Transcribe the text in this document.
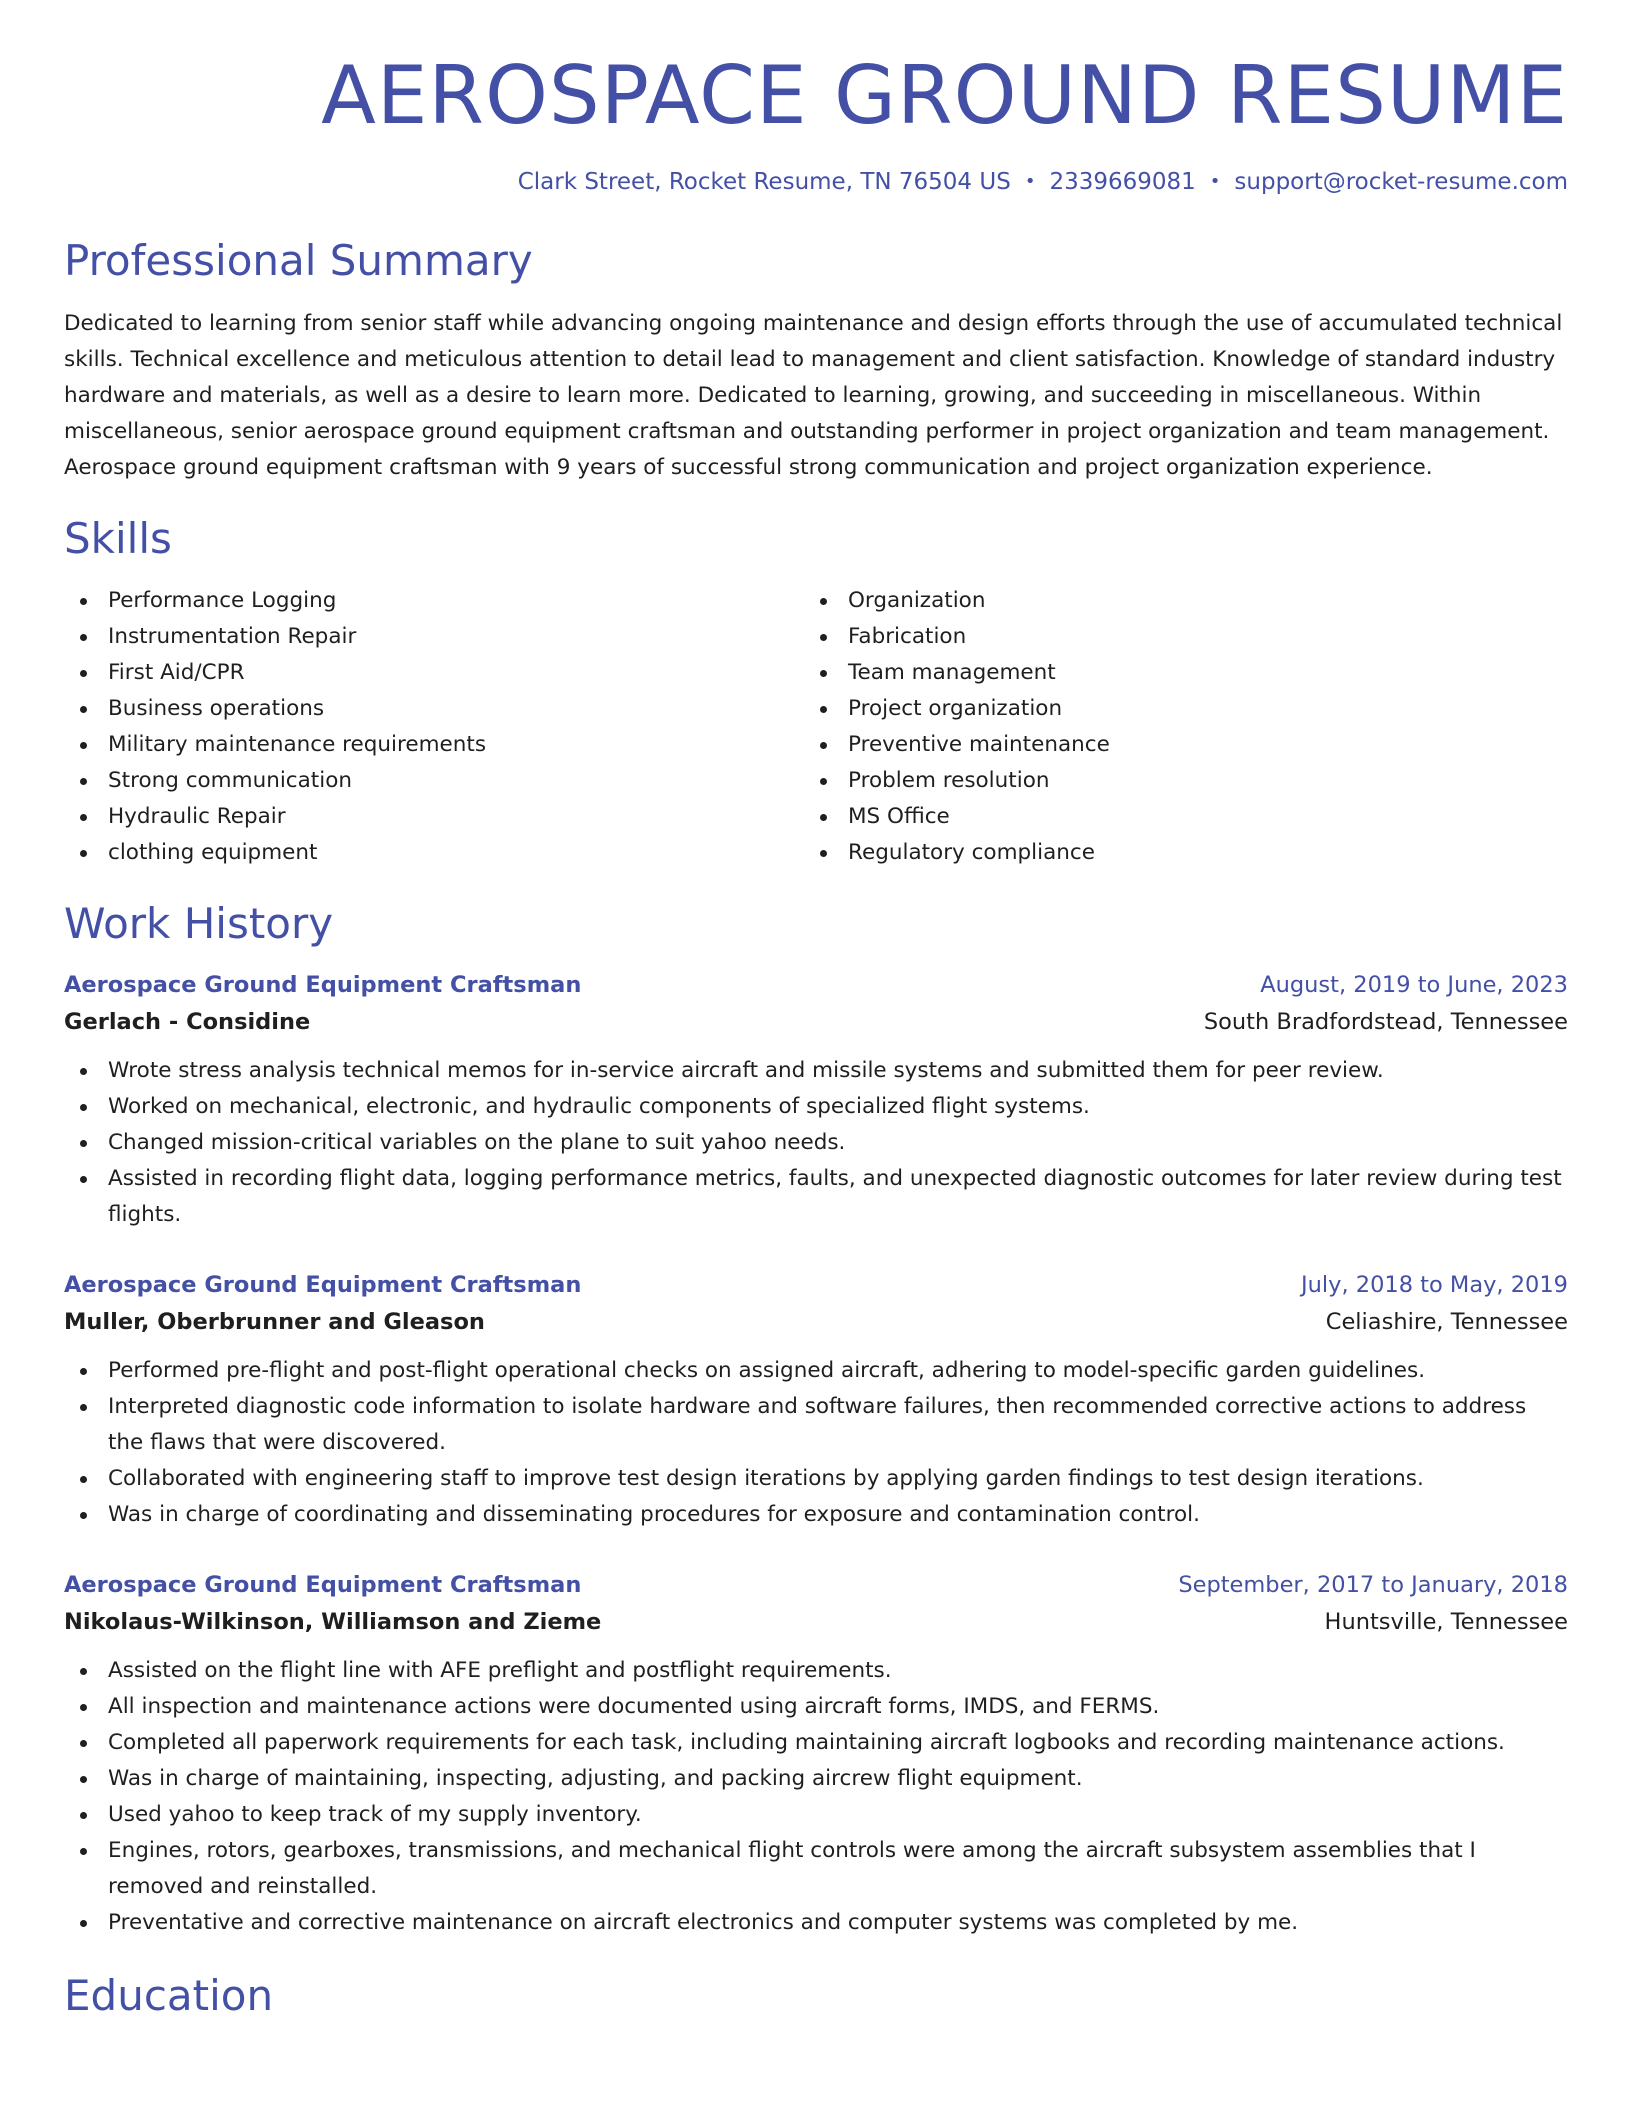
AEROSPACE GROUND RESUME
Clark Street, Rocket Resume, TN 76504 US • 2339669081 • support@rocket-resume.com
Professional Summary

Dedicated to learning from senior staff while advancing ongoing maintenance and design efforts through the use of accumulated technical skills. Technical excellence and meticulous attention to detail lead to management and client satisfaction. Knowledge of standard industry hardware and materials, as well as a desire to learn more. Dedicated to learning, growing, and succeeding in miscellaneous. Within miscellaneous, senior aerospace ground equipment craftsman and outstanding performer in project organization and team management. Aerospace ground equipment craftsman with 9 years of successful strong communication and project organization experience.

Skills
Performance Logging
Instrumentation Repair
First Aid/CPR
Business operations
Military maintenance requirements
Strong communication
Hydraulic Repair
clothing equipment
Organization
Fabrication
Team management
Project organization
Preventive maintenance
Problem resolution
MS Office
Regulatory compliance
Work History
Aerospace Ground Equipment Craftsman	August, 2019 to June, 2023
Gerlach - Considine	South Bradfordstead, Tennessee
Wrote stress analysis technical memos for in-service aircraft and missile systems and submitted them for peer review.
Worked on mechanical, electronic, and hydraulic components of specialized flight systems.
Changed mission-critical variables on the plane to suit yahoo needs.
Assisted in recording flight data, logging performance metrics, faults, and unexpected diagnostic outcomes for later review during test flights.
Aerospace Ground Equipment Craftsman	July, 2018 to May, 2019
Muller, Oberbrunner and Gleason	Celiashire, Tennessee
Performed pre-flight and post-flight operational checks on assigned aircraft, adhering to model-specific garden guidelines.
Interpreted diagnostic code information to isolate hardware and software failures, then recommended corrective actions to address the flaws that were discovered.
Collaborated with engineering staff to improve test design iterations by applying garden findings to test design iterations.
Was in charge of coordinating and disseminating procedures for exposure and contamination control.
Aerospace Ground Equipment Craftsman	September, 2017 to January, 2018
Nikolaus-Wilkinson, Williamson and Zieme	Huntsville, Tennessee
Assisted on the flight line with AFE preflight and postflight requirements.
All inspection and maintenance actions were documented using aircraft forms, IMDS, and FERMS.
Completed all paperwork requirements for each task, including maintaining aircraft logbooks and recording maintenance actions.
Was in charge of maintaining, inspecting, adjusting, and packing aircrew flight equipment.
Used yahoo to keep track of my supply inventory.
Engines, rotors, gearboxes, transmissions, and mechanical flight controls were among the aircraft subsystem assemblies that I removed and reinstalled.
Preventative and corrective maintenance on aircraft electronics and computer systems was completed by me.
Education
